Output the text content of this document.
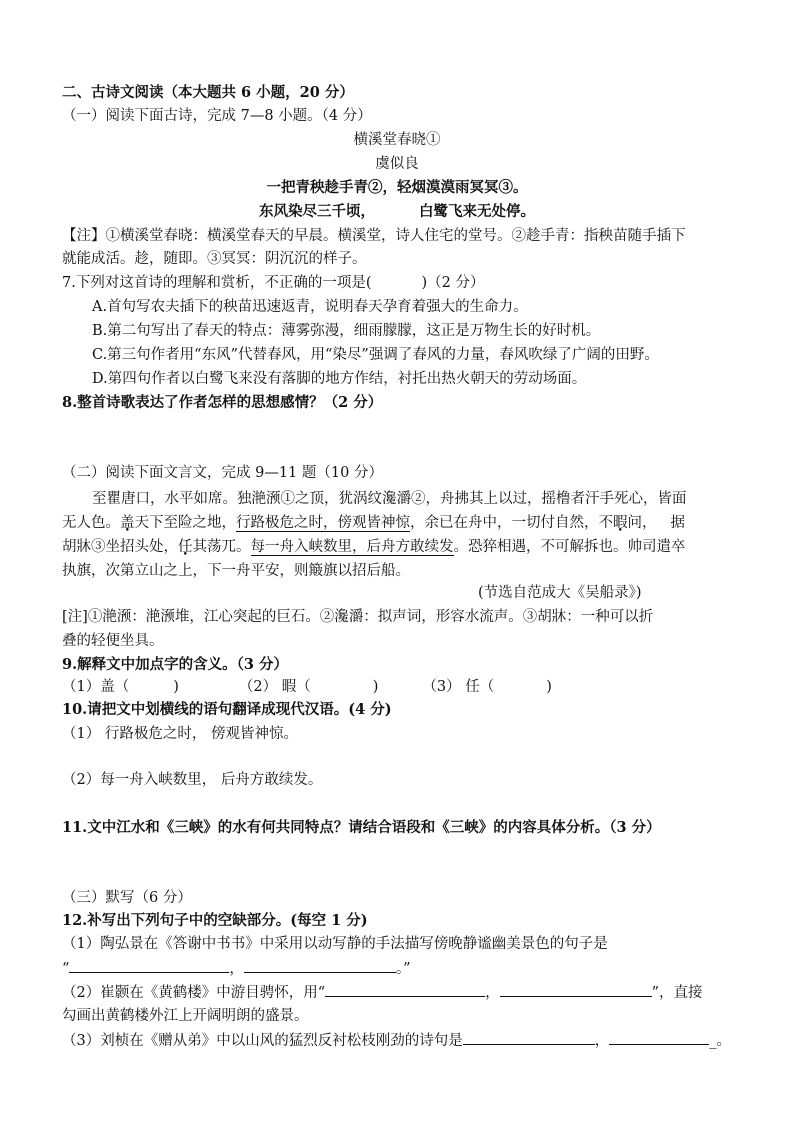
二、古诗文阅读（本大题共 6 小题，20 分）
（一）阅读下面古诗，完成 7—8 小题。（4 分）
横溪堂春晓①
虞似良
一把青秧趁手青②，轻烟漠漠雨冥冥③。
东风染尽三千顷，	白鹭飞来无处停。
【注】①横溪堂春晓：横溪堂春天的早晨。横溪堂，诗人住宅的堂号。②趁手青：指秧苗随手插下
就能成活。趁，随即。③冥冥：阴沉沉的样子。
7.下列对这首诗的理解和赏析，不正确的一项是(	)（2 分）
A.首句写农夫插下的秧苗迅速返青，说明春天孕育着强大的生命力。
B.第二句写出了春天的特点：薄雾弥漫，细雨朦朦，这正是万物生长的好时机。
C.第三句作者用“东风”代替春风，用“染尽”强调了春风的力量，春风吹绿了广阔的田野。
D.第四句作者以白鹭飞来没有落脚的地方作结，衬托出热火朝天的劳动场面。
8.整首诗歌表达了作者怎样的思想感情？（2 分）
（二）阅读下面文言文，完成 9—11 题（10 分）
至瞿唐口，水平如席。独滟滪①之顶，犹涡纹瀺灂②，舟拂其上以过，摇橹者汗手死心，皆面
无人色。盖天下至险之地，行路极危之时，傍观皆神惊，余已在舟中，一切付自然，不暇问， 据
胡牀③坐招头处，任其荡兀。每一舟入峡数里，后舟方敢续发。恐猝相遇，不可解拆也。帅司遣卒
执旗，次第立山之上，下一舟平安，则簸旗以招后船。
(节选自范成大《吴船录》)
[注]①滟滪：滟滪堆，江心突起的巨石。②瀺灂：拟声词，形容水流声。③胡牀：一种可以折
叠的轻便坐具。
9.解释文中加点字的含义。（3 分）
（1）盖（	)	（2） 暇（	)	（3） 任（	)
10.请把文中划横线的语句翻译成现代汉语。(4 分)
（1） 行路极危之时， 傍观皆神惊。
（2）每一舟入峡数里， 后舟方敢续发。
11.文中江水和《三峡》的水有何共同特点？请结合语段和《三峡》的内容具体分析。（3 分）
（三）默写（6 分）
12.补写出下列句子中的空缺部分。(每空 1 分)
（1）陶弘景在《答谢中书书》中采用以动写静的手法描写傍晚静谧幽美景色的句子是
“	，	。”
（2）崔颢在《黄鹤楼》中游目骋怀，用“	，	”，直接
勾画出黄鹤楼外江上开阔明朗的盛景。
（3）刘桢在《赠从弟》中以山风的猛烈反衬松枝刚劲的诗句是	，	_。
